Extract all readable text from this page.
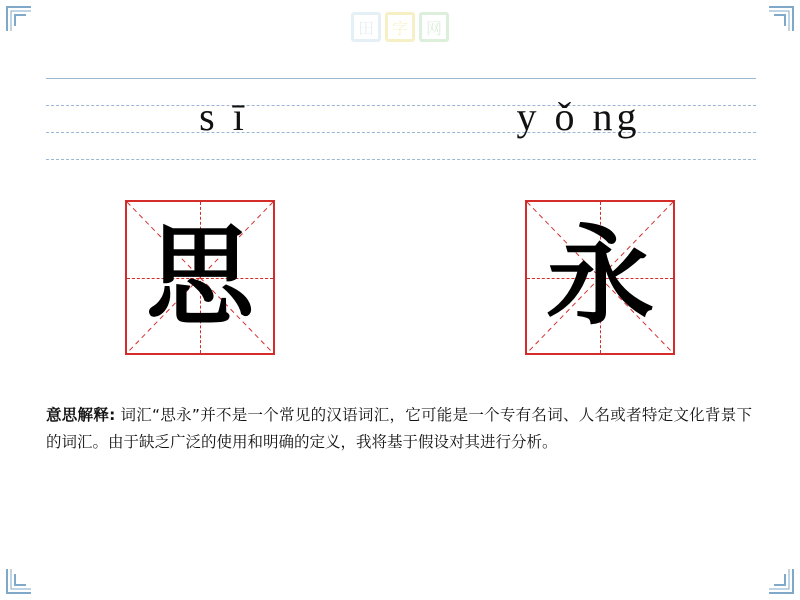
田	字	网
s ī	y ǒ ng
思	永
意思解释: 词汇“思永”并不是一个常见的汉语词汇，它可能是一个专有名词、人名或者特定文化背景下的词汇。由于缺乏广泛的使用和明确的定义，我将基于假设对其进行分析。
